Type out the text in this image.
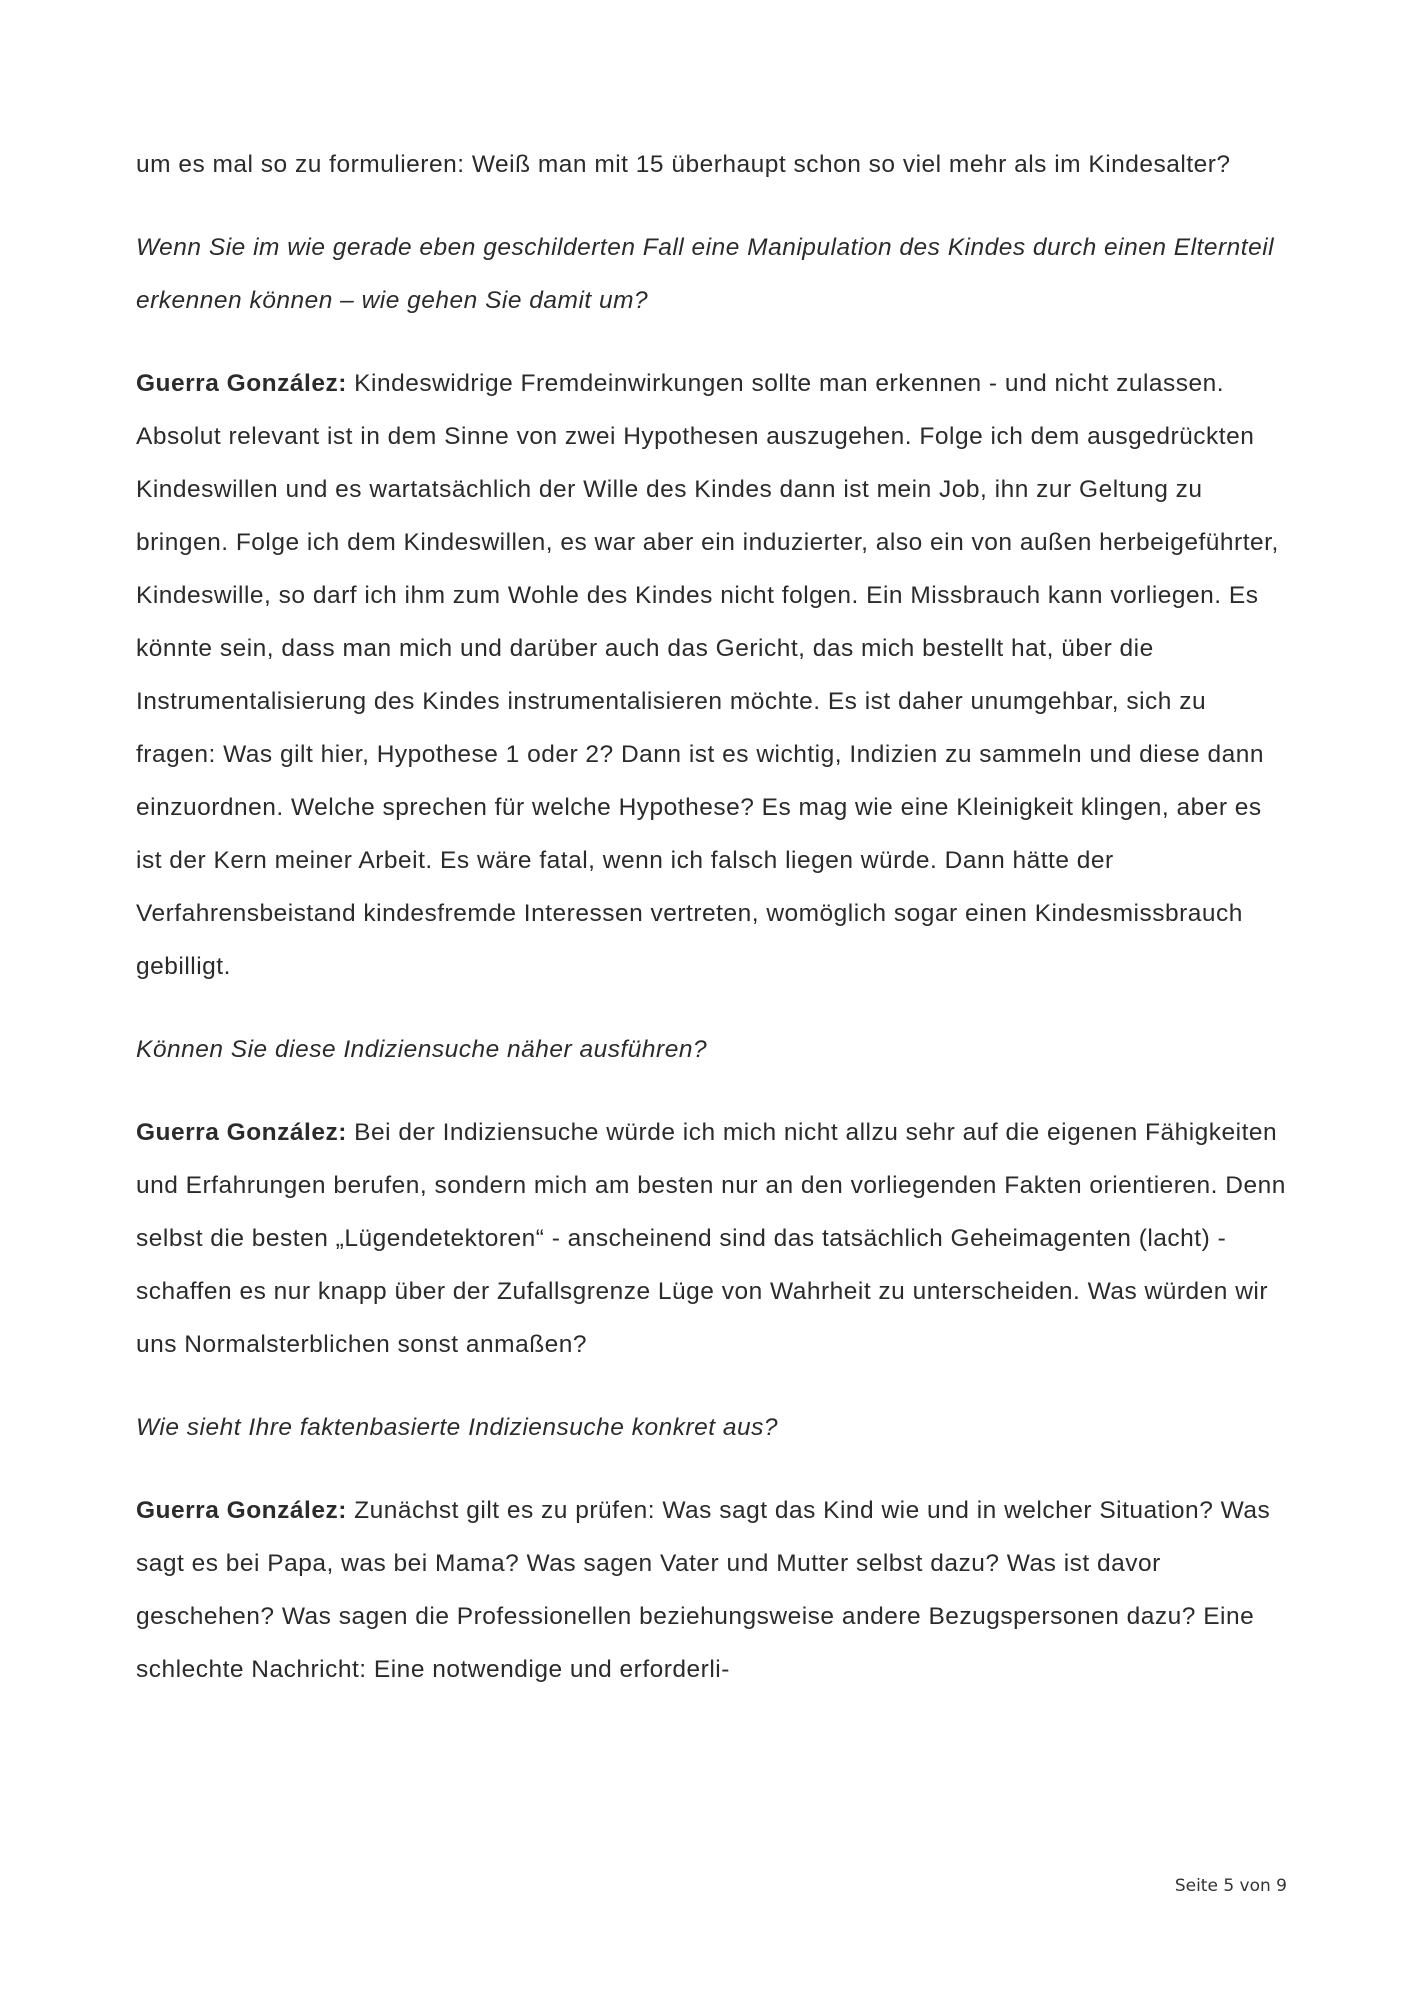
um es mal so zu formulieren: Weiß man mit 15 überhaupt schon so viel mehr als im Kindesalter?

Wenn Sie im wie gerade eben geschilderten Fall eine Manipulation des Kindes durch einen Elternteil erkennen können – wie gehen Sie damit um?

Guerra González: Kindeswidrige Fremdeinwirkungen sollte man erkennen - und nicht zulassen. Absolut relevant ist in dem Sinne von zwei Hypothesen auszugehen. Folge ich dem ausgedrückten Kindeswillen und es wartatsächlich der Wille des Kindes dann ist mein Job, ihn zur Geltung zu bringen. Folge ich dem Kindeswillen, es war aber ein induzierter, also ein von außen herbeigeführter, Kindeswille, so darf ich ihm zum Wohle des Kindes nicht folgen. Ein Missbrauch kann vorliegen. Es könnte sein, dass man mich und darüber auch das Gericht, das mich bestellt hat, über die Instrumentalisierung des Kindes instrumentalisieren möchte. Es ist daher unumgehbar, sich zu fragen: Was gilt hier, Hypothese 1 oder 2? Dann ist es wichtig, Indizien zu sammeln und diese dann einzuordnen. Welche sprechen für welche Hypothese? Es mag wie eine Kleinigkeit klingen, aber es ist der Kern meiner Arbeit. Es wäre fatal, wenn ich falsch liegen würde. Dann hätte der Verfahrensbeistand kindesfremde Interessen vertreten, womöglich sogar einen Kindesmissbrauch gebilligt.

Können Sie diese Indiziensuche näher ausführen?

Guerra González: Bei der Indiziensuche würde ich mich nicht allzu sehr auf die eigenen Fähigkeiten und Erfahrungen berufen, sondern mich am besten nur an den vorliegenden Fakten orientieren. Denn selbst die besten „Lügendetektoren“ - anscheinend sind das tatsächlich Geheimagenten (lacht) - schaffen es nur knapp über der Zufallsgrenze Lüge von Wahrheit zu unterscheiden. Was würden wir uns Normalsterblichen sonst anmaßen?

Wie sieht Ihre faktenbasierte Indiziensuche konkret aus?

Guerra González: Zunächst gilt es zu prüfen: Was sagt das Kind wie und in welcher Situation? Was sagt es bei Papa, was bei Mama? Was sagen Vater und Mutter selbst dazu? Was ist davor geschehen? Was sagen die Professionellen beziehungsweise andere Bezugspersonen dazu? Eine schlechte Nachricht: Eine notwendige und erforderli-

Seite 5 von 9
